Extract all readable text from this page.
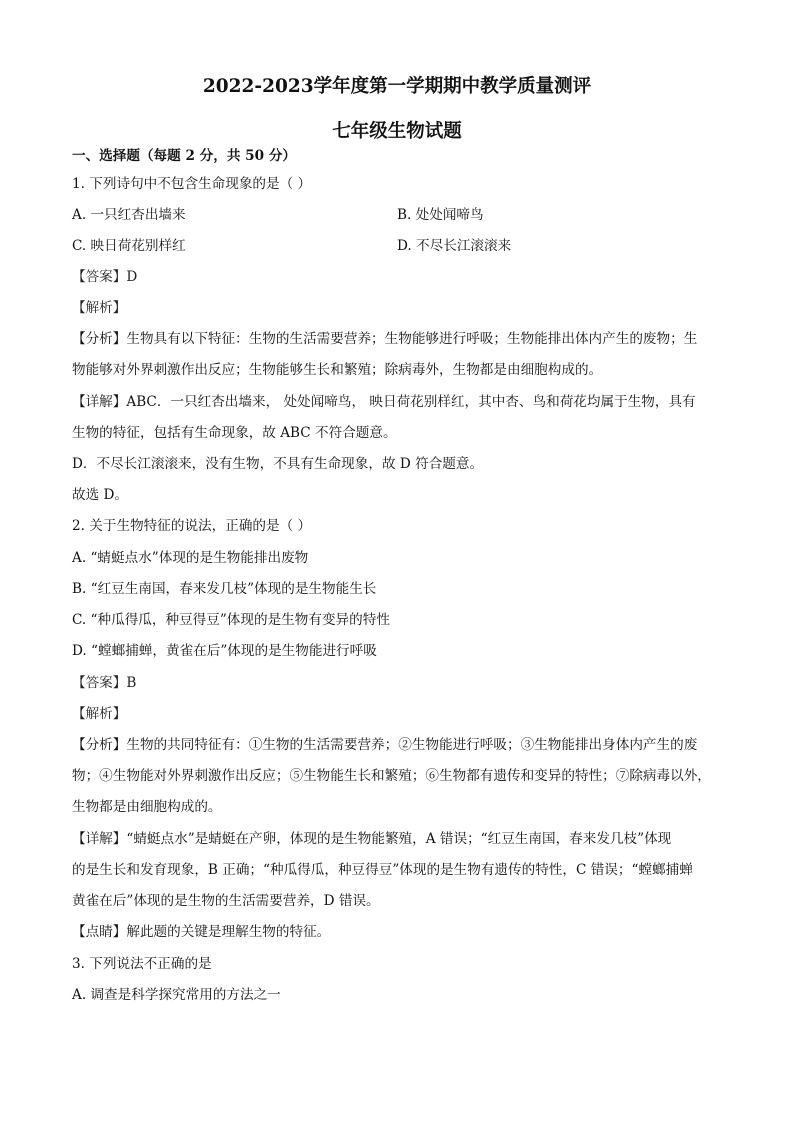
2022-2023学年度第一学期期中教学质量测评
七年级生物试题
一、选择题（每题 2 分，共 50 分）
1. 下列诗句中不包含生命现象的是（ ）
A. 一只红杏出墙来	B. 处处闻啼鸟
C. 映日荷花别样红	D. 不尽长江滚滚来
【答案】D
【解析】
【分析】生物具有以下特征：生物的生活需要营养；生物能够进行呼吸；生物能排出体内产生的废物；生
物能够对外界刺激作出反应；生物能够生长和繁殖；除病毒外，生物都是由细胞构成的。
【详解】ABC．一只红杏出墙来， 处处闻啼鸟， 映日荷花别样红，其中杏、鸟和荷花均属于生物，具有
生物的特征，包括有生命现象，故 ABC 不符合题意。
D．不尽长江滚滚来，没有生物，不具有生命现象，故 D 符合题意。
故选 D。
2. 关于生物特征的说法，正确的是（ ）
A. “蜻蜓点水”体现的是生物能排出废物
B. “红豆生南国，春来发几枝”体现的是生物能生长
C. “种瓜得瓜，种豆得豆”体现的是生物有变异的特性
D. “螳螂捕蝉，黄雀在后”体现的是生物能进行呼吸
【答案】B
【解析】
【分析】生物的共同特征有：①生物的生活需要营养；②生物能进行呼吸；③生物能排出身体内产生的废
物；④生物能对外界刺激作出反应；⑤生物能生长和繁殖；⑥生物都有遗传和变异的特性；⑦除病毒以外，
生物都是由细胞构成的。
【详解】“蜻蜓点水”是蜻蜓在产卵，体现的是生物能繁殖，A 错误；“红豆生南国，春来发几枝”体现
的是生长和发育现象，B 正确；“种瓜得瓜，种豆得豆”体现的是生物有遗传的特性，C 错误；“螳螂捕蝉
黄雀在后”体现的是生物的生活需要营养，D 错误。
【点睛】解此题的关键是理解生物的特征。
3. 下列说法不正确的是
A. 调查是科学探究常用的方法之一
